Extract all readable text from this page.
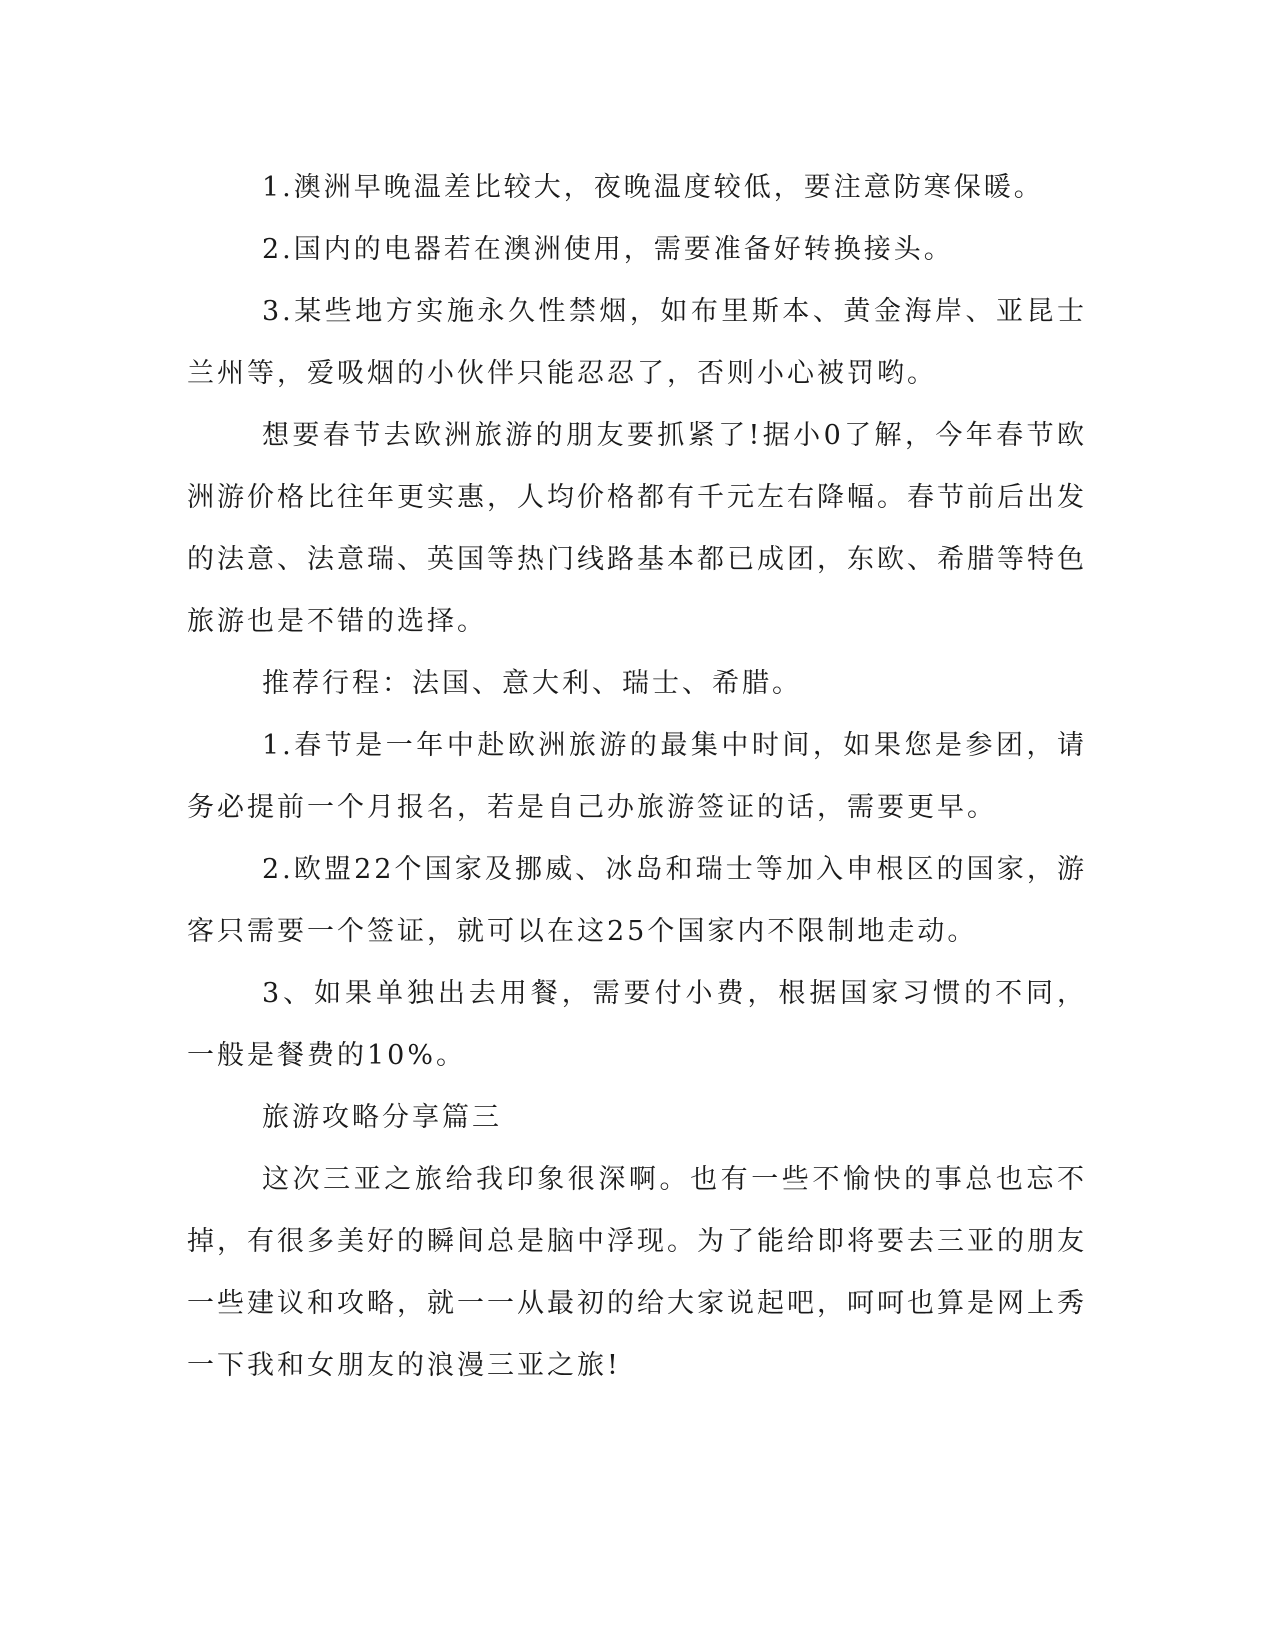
1.澳洲早晚温差比较大，夜晚温度较低，要注意防寒保暖。

2.国内的电器若在澳洲使用，需要准备好转换接头。

3.某些地方实施永久性禁烟，如布里斯本、黄金海岸、亚昆士兰州等，爱吸烟的小伙伴只能忍忍了，否则小心被罚哟。

想要春节去欧洲旅游的朋友要抓紧了!据小0了解，今年春节欧洲游价格比往年更实惠，人均价格都有千元左右降幅。春节前后出发的法意、法意瑞、英国等热门线路基本都已成团，东欧、希腊等特色旅游也是不错的选择。

推荐行程：法国、意大利、瑞士、希腊。

1.春节是一年中赴欧洲旅游的最集中时间，如果您是参团，请务必提前一个月报名，若是自己办旅游签证的话，需要更早。

2.欧盟22个国家及挪威、冰岛和瑞士等加入申根区的国家，游客只需要一个签证，就可以在这25个国家内不限制地走动。

3、如果单独出去用餐，需要付小费，根据国家习惯的不同，一般是餐费的10%。

旅游攻略分享篇三

这次三亚之旅给我印象很深啊。也有一些不愉快的事总也忘不掉，有很多美好的瞬间总是脑中浮现。为了能给即将要去三亚的朋友一些建议和攻略，就一一从最初的给大家说起吧，呵呵也算是网上秀一下我和女朋友的浪漫三亚之旅!
